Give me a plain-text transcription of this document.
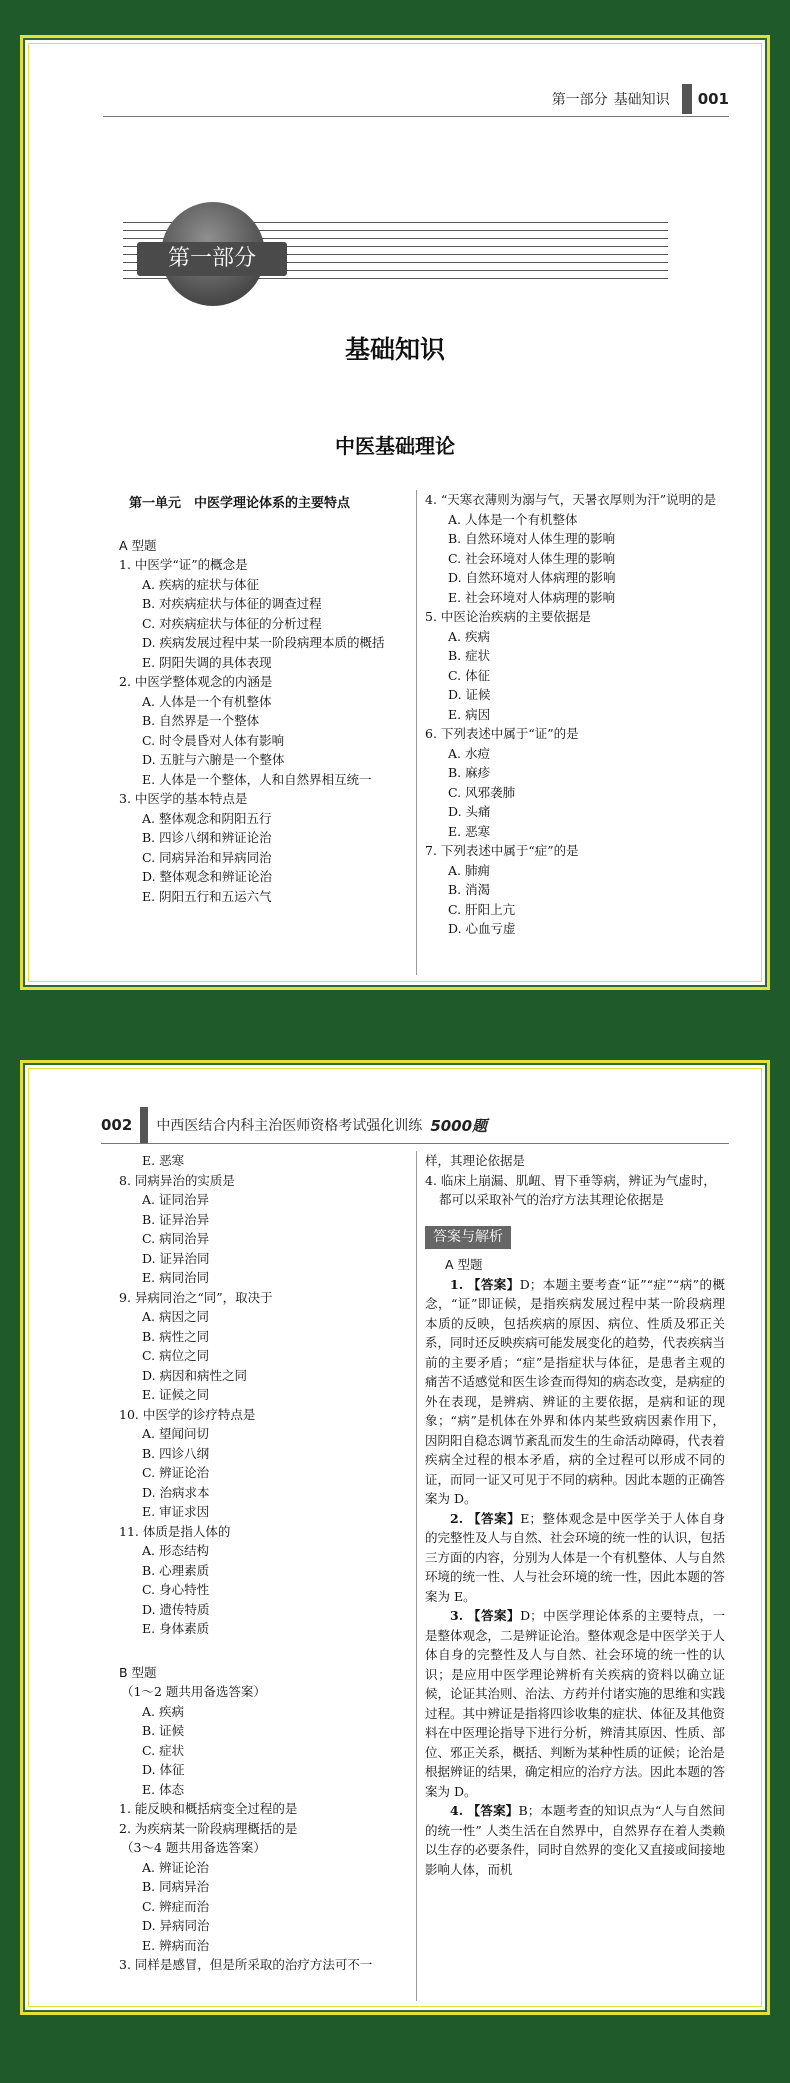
第一部分 基础知识 001
第一部分
基础知识
中医基础理论
第一单元　中医学理论体系的主要特点
A 型题
1. 中医学“证”的概念是
A. 疾病的症状与体征
B. 对疾病症状与体征的调查过程
C. 对疾病症状与体征的分析过程
D. 疾病发展过程中某一阶段病理本质的概括
E. 阴阳失调的具体表现
2. 中医学整体观念的内涵是
A. 人体是一个有机整体
B. 自然界是一个整体
C. 时令晨昏对人体有影响
D. 五脏与六腑是一个整体
E. 人体是一个整体，人和自然界相互统一
3. 中医学的基本特点是
A. 整体观念和阴阳五行
B. 四诊八纲和辨证论治
C. 同病异治和异病同治
D. 整体观念和辨证论治
E. 阴阳五行和五运六气
4. “天寒衣薄则为溺与气，天暑衣厚则为汗”说明的是
A. 人体是一个有机整体
B. 自然环境对人体生理的影响
C. 社会环境对人体生理的影响
D. 自然环境对人体病理的影响
E. 社会环境对人体病理的影响
5. 中医论治疾病的主要依据是
A. 疾病
B. 症状
C. 体征
D. 证候
E. 病因
6. 下列表述中属于“证”的是
A. 水痘
B. 麻疹
C. 风邪袭肺
D. 头痛
E. 恶寒
7. 下列表述中属于“症”的是
A. 肺痈
B. 消渴
C. 肝阳上亢
D. 心血亏虚
002 中西医结合内科主治医师资格考试强化训练 5000题
E. 恶寒
8. 同病异治的实质是
A. 证同治异
B. 证异治异
C. 病同治异
D. 证异治同
E. 病同治同
9. 异病同治之“同”，取决于
A. 病因之同
B. 病性之同
C. 病位之同
D. 病因和病性之同
E. 证候之同
10. 中医学的诊疗特点是
A. 望闻问切
B. 四诊八纲
C. 辨证论治
D. 治病求本
E. 审证求因
11. 体质是指人体的
A. 形态结构
B. 心理素质
C. 身心特性
D. 遗传特质
E. 身体素质
B 型题
（1～2 题共用备选答案）
A. 疾病
B. 证候
C. 症状
D. 体征
E. 体态
1. 能反映和概括病变全过程的是
2. 为疾病某一阶段病理概括的是
（3～4 题共用备选答案）
A. 辨证论治
B. 同病异治
C. 辨症而治
D. 异病同治
E. 辨病而治
3. 同样是感冒，但是所采取的治疗方法可不一
样，其理论依据是
4. 临床上崩漏、肌衄、胃下垂等病，辨证为气虚时，都可以采取补气的治疗方法其理论依据是
答案与解析
A 型题
1. 【答案】D；本题主要考查“证”“症”“病”的概念，“证”即证候，是指疾病发展过程中某一阶段病理本质的反映，包括疾病的原因、病位、性质及邪正关系，同时还反映疾病可能发展变化的趋势，代表疾病当前的主要矛盾；“症”是指症状与体征，是患者主观的痛苦不适感觉和医生诊查而得知的病态改变，是病症的外在表现，是辨病、辨证的主要依据，是病和证的现象；“病”是机体在外界和体内某些致病因素作用下，因阴阳自稳态调节紊乱而发生的生命活动障碍，代表着疾病全过程的根本矛盾，病的全过程可以形成不同的证，而同一证又可见于不同的病种。因此本题的正确答案为 D。
2. 【答案】E；整体观念是中医学关于人体自身的完整性及人与自然、社会环境的统一性的认识，包括三方面的内容，分别为人体是一个有机整体、人与自然环境的统一性、人与社会环境的统一性，因此本题的答案为 E。
3. 【答案】D；中医学理论体系的主要特点，一是整体观念，二是辨证论治。整体观念是中医学关于人体自身的完整性及人与自然、社会环境的统一性的认识；是应用中医学理论辨析有关疾病的资料以确立证候，论证其治则、治法、方药并付诸实施的思维和实践过程。其中辨证是指将四诊收集的症状、体征及其他资料在中医理论指导下进行分析，辨清其原因、性质、部位、邪正关系，概括、判断为某种性质的证候；论治是根据辨证的结果，确定相应的治疗方法。因此本题的答案为 D。
4. 【答案】B；本题考查的知识点为“人与自然间的统一性” 人类生活在自然界中，自然界存在着人类赖以生存的必要条件，同时自然界的变化又直接或间接地影响人体，而机
